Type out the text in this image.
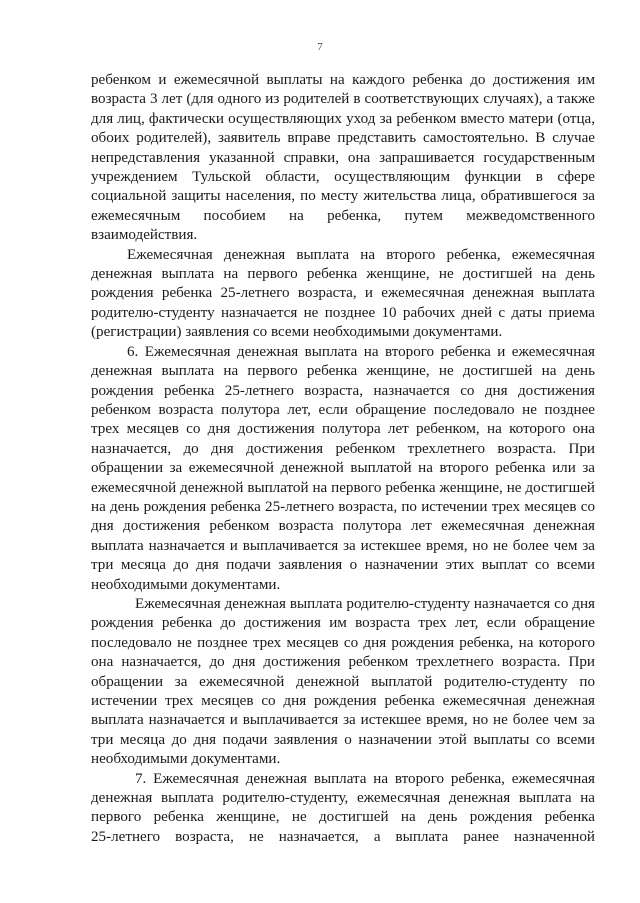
7

ребенком и ежемесячной выплаты на каждого ребенка до достижения им
возраста 3 лет (для одного из родителей в соответствующих случаях), а также
для лиц, фактически осуществляющих уход за ребенком вместо матери (отца,
обоих родителей), заявитель вправе представить самостоятельно. В случае
непредставления указанной справки, она запрашивается государственным
учреждением Тульской области, осуществляющим функции в сфере
социальной защиты населения, по месту жительства лица, обратившегося за
ежемесячным пособием на ребенка, путем межведомственного
взаимодействия.

Ежемесячная денежная выплата на второго ребенка, ежемесячная
денежная выплата на первого ребенка женщине, не достигшей на день
рождения ребенка 25-летнего возраста, и ежемесячная денежная выплата
родителю-студенту назначается не позднее 10 рабочих дней с даты приема
(регистрации) заявления со всеми необходимыми документами.

6. Ежемесячная денежная выплата на второго ребенка и ежемесячная
денежная выплата на первого ребенка женщине, не достигшей на день
рождения ребенка 25-летнего возраста, назначается со дня достижения
ребенком возраста полутора лет, если обращение последовало не позднее
трех месяцев со дня достижения полутора лет ребенком, на которого она
назначается, до дня достижения ребенком трехлетнего возраста. При
обращении за ежемесячной денежной выплатой на второго ребенка или за
ежемесячной денежной выплатой на первого ребенка женщине, не достигшей
на день рождения ребенка 25-летнего возраста, по истечении трех месяцев со
дня достижения ребенком возраста полутора лет ежемесячная денежная
выплата назначается и выплачивается за истекшее время, но не более чем за
три месяца до дня подачи заявления о назначении этих выплат со всеми
необходимыми документами.

Ежемесячная денежная выплата родителю-студенту назначается со дня
рождения ребенка до достижения им возраста трех лет, если обращение
последовало не позднее трех месяцев со дня рождения ребенка, на которого
она назначается, до дня достижения ребенком трехлетнего возраста. При
обращении за ежемесячной денежной выплатой родителю-студенту по
истечении трех месяцев со дня рождения ребенка ежемесячная денежная
выплата назначается и выплачивается за истекшее время, но не более чем за
три месяца до дня подачи заявления о назначении этой выплаты со всеми
необходимыми документами.

7. Ежемесячная денежная выплата на второго ребенка, ежемесячная
денежная выплата родителю-студенту, ежемесячная денежная выплата на
первого ребенка женщине, не достигшей на день рождения ребенка
25-летнего возраста, не назначается, а выплата ранее назначенной
